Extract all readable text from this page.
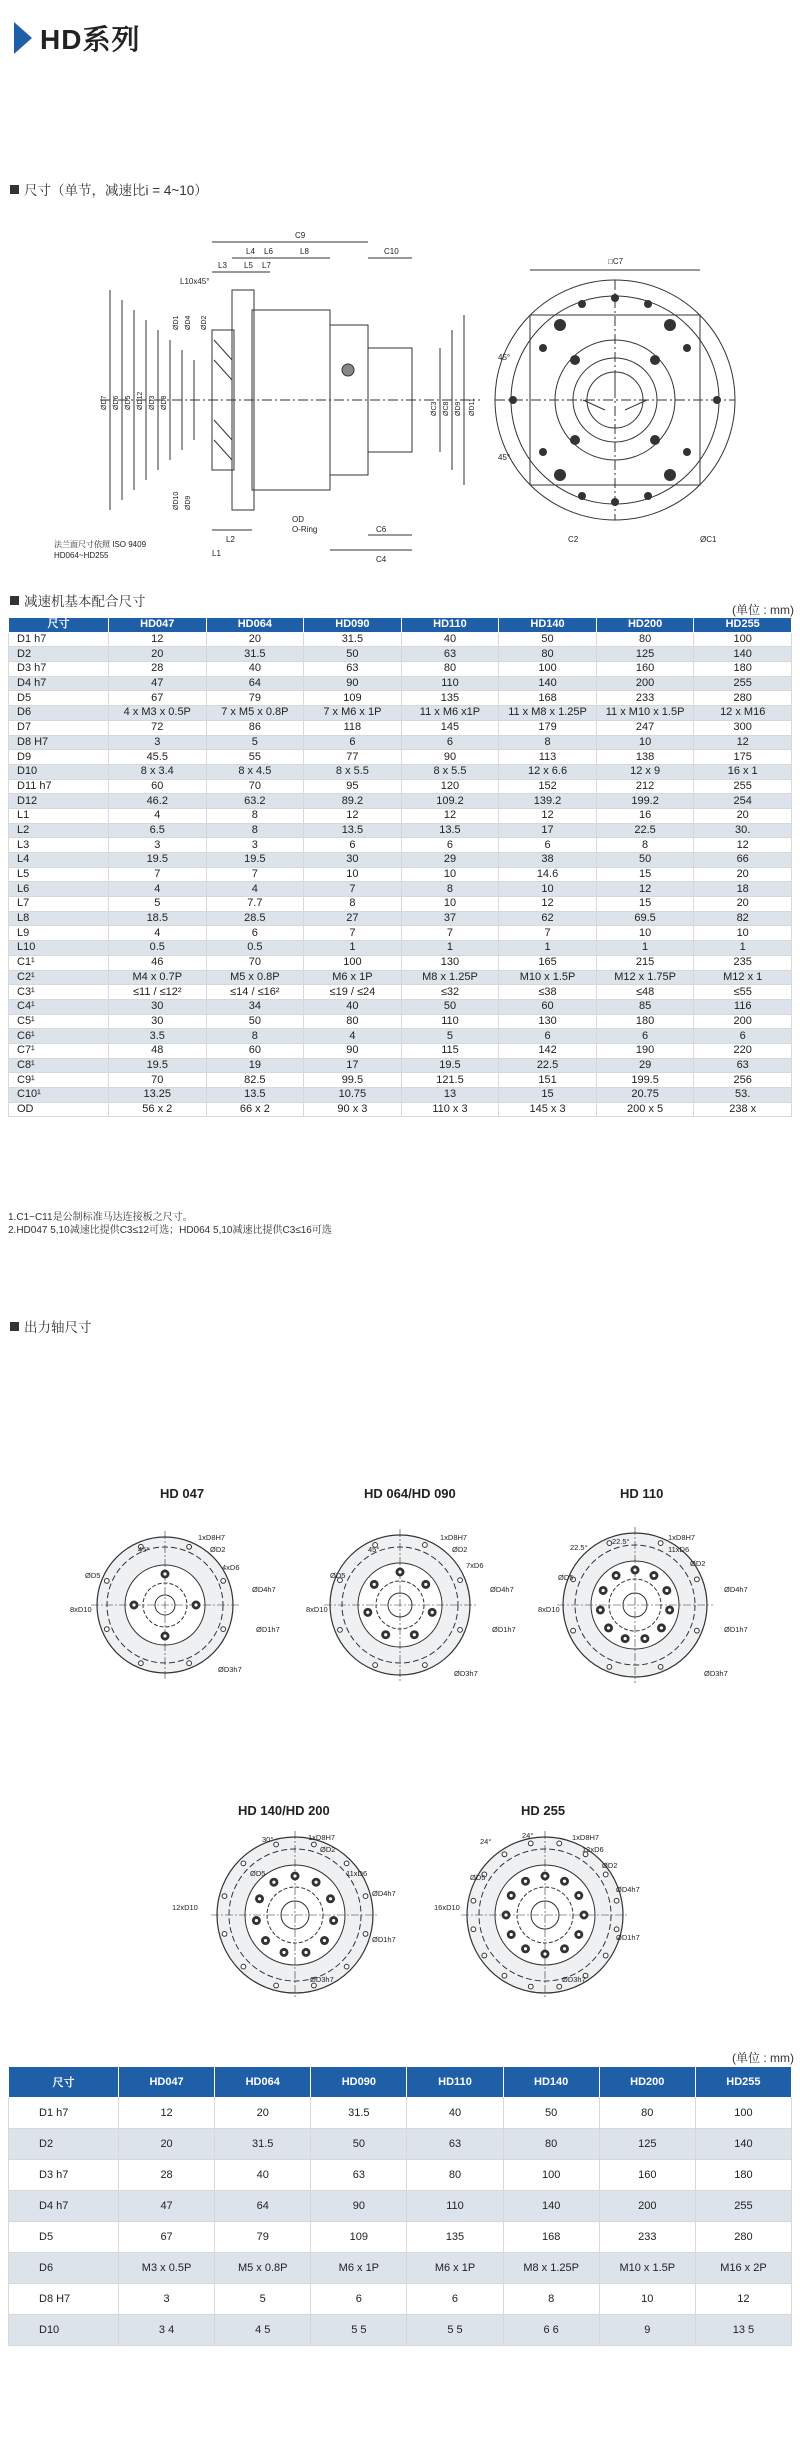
HD系列
尺寸（单节，减速比i = 4~10）
C9
L4 L6	L8	C10
L3 L5 L7
L10x45°
L2
L1
C6
C4
C2	ØC1
OD
O-Ring
法兰面尺寸依照 ISO 9409
HD064~HD255
□C7
45°
45°
ØD7 ØD6 ØD5 ØD12 ØD3 ØD8
ØD10 ØD9
ØD1 ØD4 ØD2
ØC3 ØC8 ØD9 ØD11
减速机基本配合尺寸
(单位 : mm)
尺寸	HD047	HD064	HD090	HD110	HD140	HD200	HD255
D1 h7	12	20	31.5	40	50	80	100
D2	20	31.5	50	63	80	125	140
D3 h7	28	40	63	80	100	160	180
D4 h7	47	64	90	110	140	200	255
D5	67	79	109	135	168	233	280
D6	4 x M3 x 0.5P	7 x M5 x 0.8P	7 x M6 x 1P	11 x M6 x1P	11 x M8 x 1.25P	11 x M10 x 1.5P	12 x M16
D7	72	86	118	145	179	247	300
D8 H7	3	5	6	6	8	10	12
D9	45.5	55	77	90	113	138	175
D10	8 x 3.4	8 x 4.5	8 x 5.5	8 x 5.5	12 x 6.6	12 x 9	16 x 1
D11 h7	60	70	95	120	152	212	255
D12	46.2	63.2	89.2	109.2	139.2	199.2	254
L1	4	8	12	12	12	16	20
L2	6.5	8	13.5	13.5	17	22.5	30.
L3	3	3	6	6	6	8	12
L4	19.5	19.5	30	29	38	50	66
L5	7	7	10	10	14.6	15	20
L6	4	4	7	8	10	12	18
L7	5	7.7	8	10	12	15	20
L8	18.5	28.5	27	37	62	69.5	82
L9	4	6	7	7	7	10	10
L10	0.5	0.5	1	1	1	1	1
C1¹	46	70	100	130	165	215	235
C2¹	M4 x 0.7P	M5 x 0.8P	M6 x 1P	M8 x 1.25P	M10 x 1.5P	M12 x 1.75P	M12 x 1
C3¹	≤11 / ≤12²	≤14 / ≤16²	≤19 / ≤24	≤32	≤38	≤48	≤55
C4¹	30	34	40	50	60	85	116
C5¹	30	50	80	110	130	180	200
C6¹	3.5	8	4	5	6	6	6
C7¹	48	60	90	115	142	190	220
C8¹	19.5	19	17	19.5	22.5	29	63
C9¹	70	82.5	99.5	121.5	151	199.5	256
C10¹	13.25	13.5	10.75	13	15	20.75	53.
OD	56 x 2	66 x 2	90 x 3	110 x 3	145 x 3	200 x 5	238 x
1.C1~C11是公制标准马达连接板之尺寸。
2.HD047 5,10减速比提供C3≤12可选；HD064 5,10减速比提供C3≤16可选
出力轴尺寸
HD 047	HD 064/HD 090	HD 110
HD 140/HD 200	HD 255
1xD8H7
ØD2
4xD6
ØD5
8xD10
ØD4h7
ØD1h7
ØD3h7
45°
1xD8H7
ØD2
7xD6
ØD5
8xD10
ØD4h7
ØD1h7
ØD3h7
45°
1xD8H7
11xD6
ØD2
ØD5
8xD10
ØD4h7
ØD1h7
ØD3h7
22.5°
22.5°
1xD8H7
ØD2
11xD6
ØD5
12xD10
ØD4h7
ØD1h7
ØD3h7
30°	1xD8H7
12xD6
ØD2
ØD5
16xD10
ØD4h7
ØD1h7
ØD3h7
24°
24°
(单位 : mm)
尺寸	HD047	HD064	HD090	HD110	HD140	HD200	HD255
D1 h7	12	20	31.5	40	50	80	100
D2	20	31.5	50	63	80	125	140
D3 h7	28	40	63	80	100	160	180
D4 h7	47	64	90	110	140	200	255
D5	67	79	109	135	168	233	280
D6	M3 x 0.5P	M5 x 0.8P	M6 x 1P	M6 x 1P	M8 x 1.25P	M10 x 1.5P	M16 x 2P
D8 H7	3	5	6	6	8	10	12
D10	3 4	4 5	5 5	5 5	6 6	9	13 5
